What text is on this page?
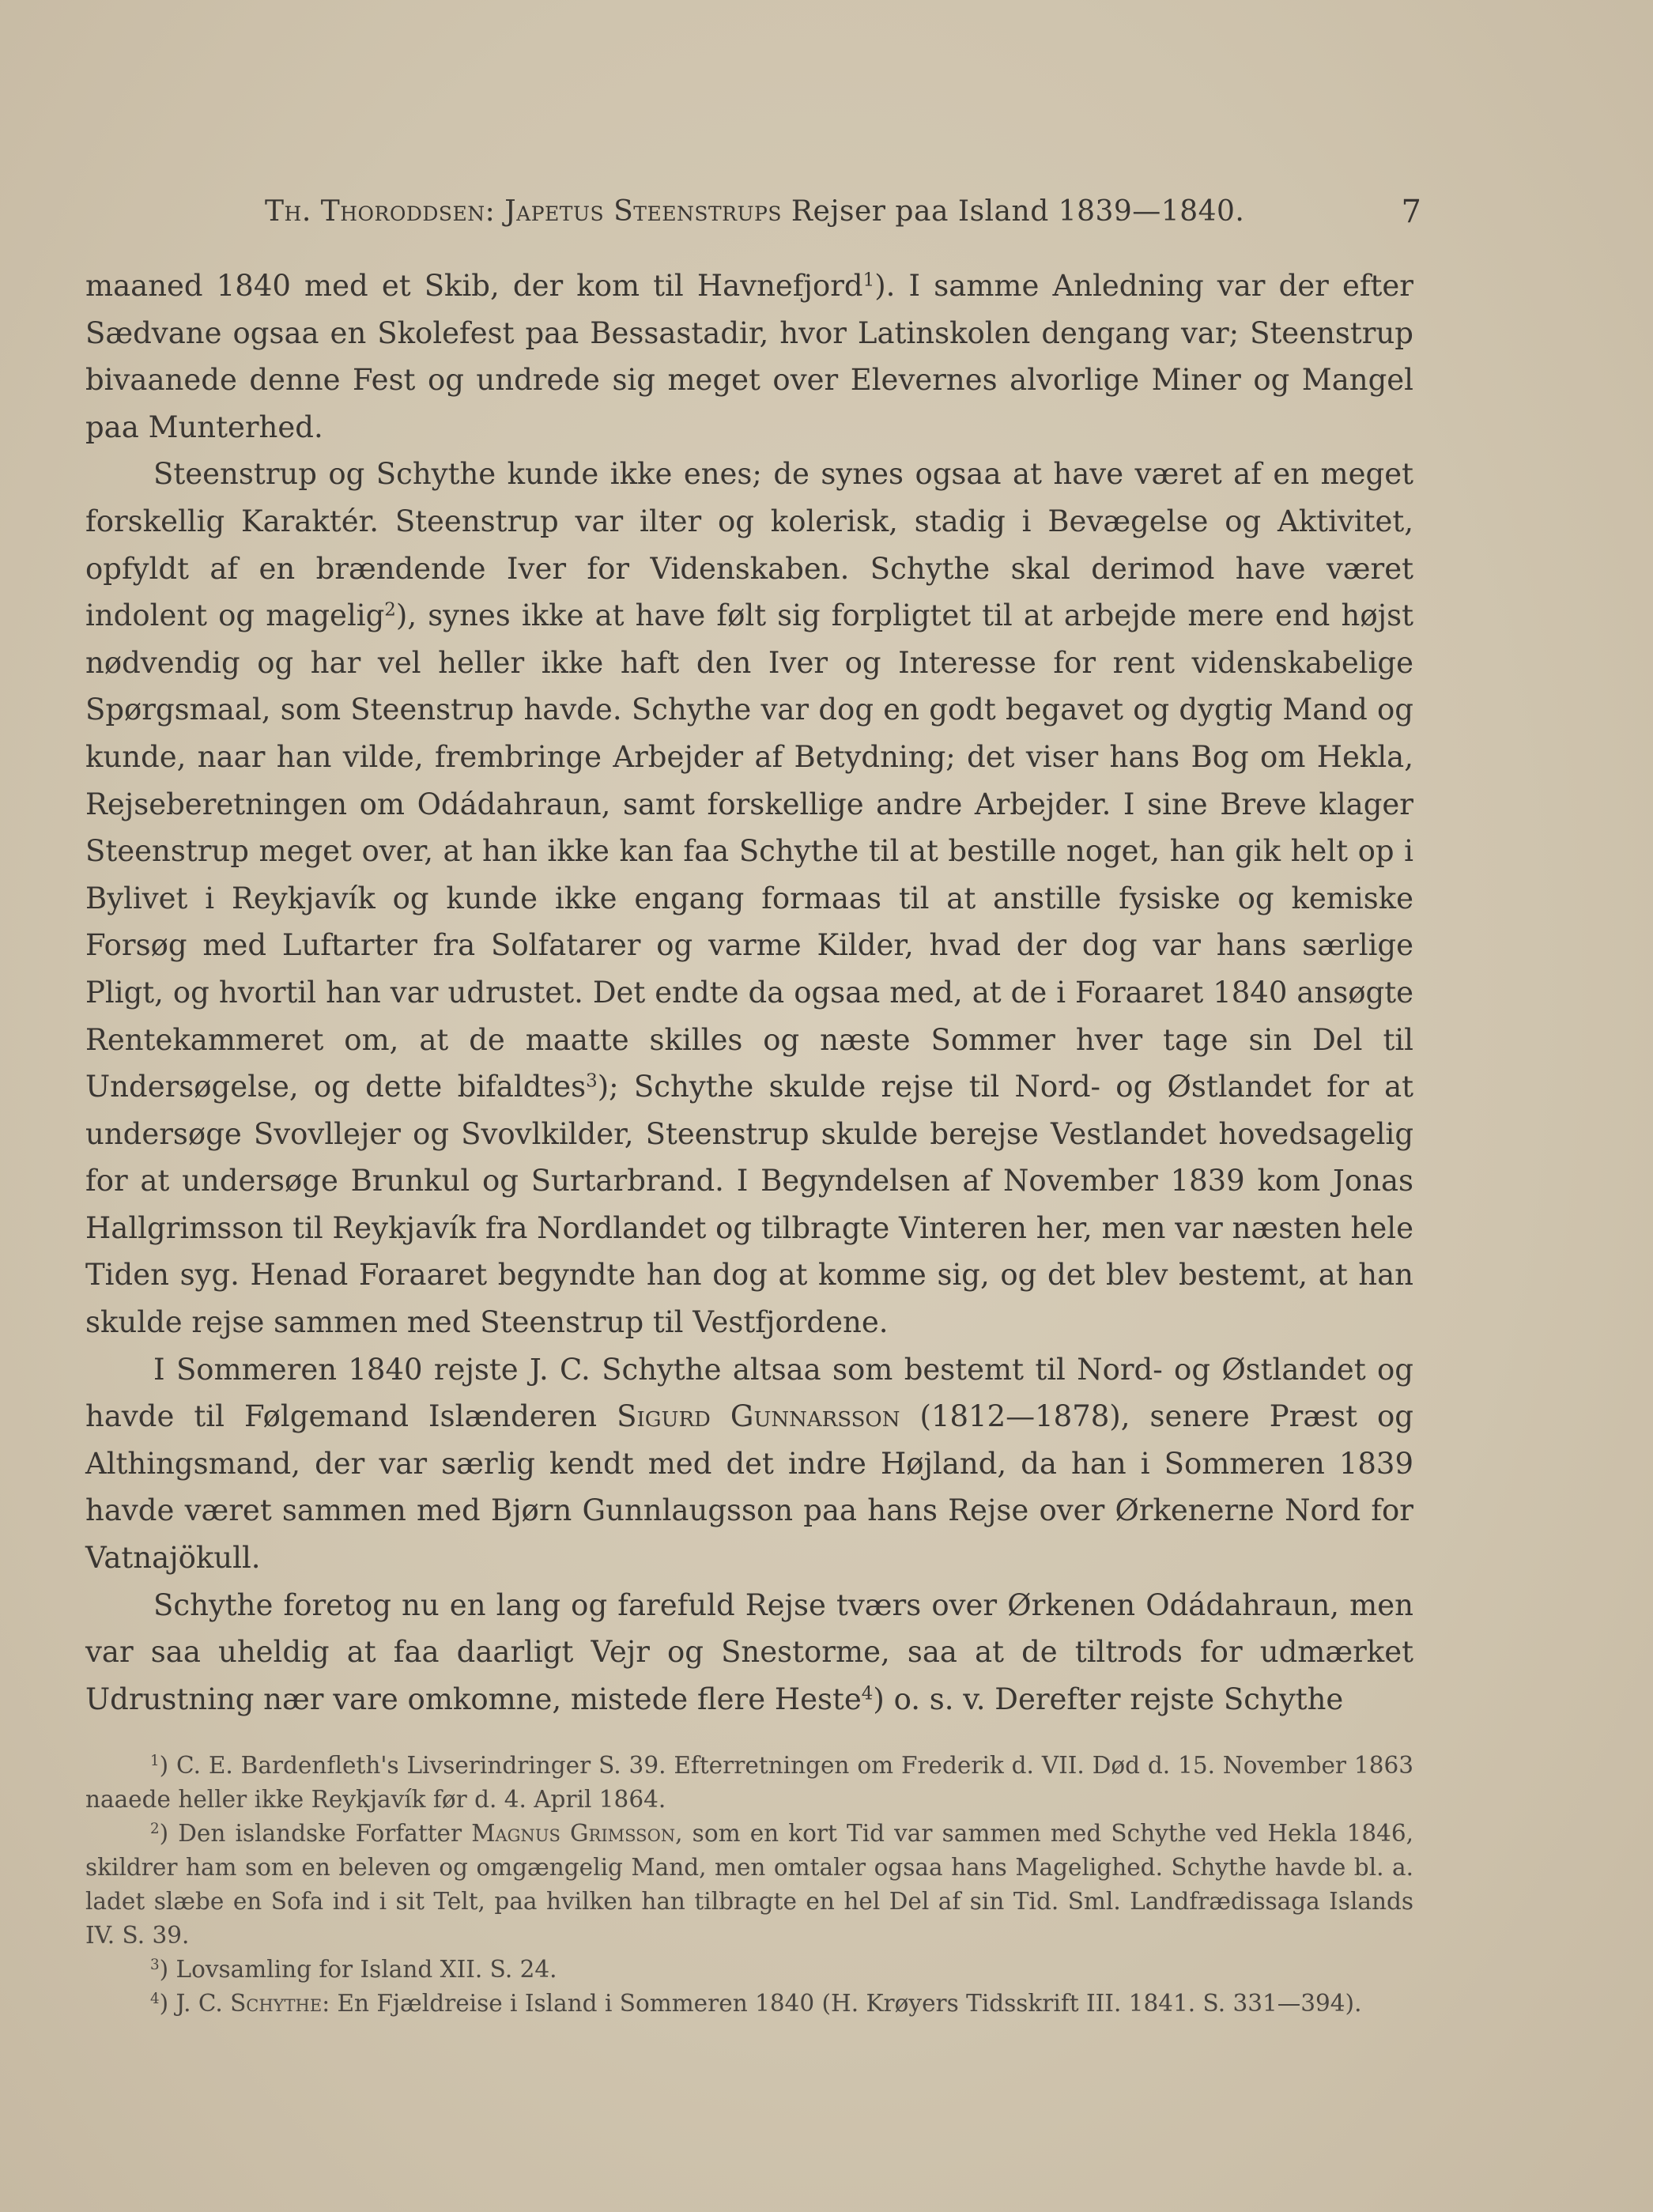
Th. Thoroddsen: Japetus Steenstrups Rejser paa Island 1839—1840.	7

maaned 1840 med et Skib, der kom til Havnefjord$^1$). I samme Anledning var der efter Sædvane ogsaa en Skolefest paa Bessastadir, hvor Latinskolen dengang var; Steenstrup bivaanede denne Fest og undrede sig meget over Elevernes alvorlige Miner og Mangel paa Munterhed.

Steenstrup og Schythe kunde ikke enes; de synes ogsaa at have været af en meget forskellig Karaktér. Steenstrup var ilter og kolerisk, stadig i Bevægelse og Aktivitet, opfyldt af en brændende Iver for Videnskaben. Schythe skal derimod have været indolent og magelig$^2$), synes ikke at have følt sig forpligtet til at arbejde mere end højst nødvendig og har vel heller ikke haft den Iver og Interesse for rent videnskabelige Spørgsmaal, som Steenstrup havde. Schythe var dog en godt begavet og dygtig Mand og kunde, naar han vilde, frembringe Arbejder af Betydning; det viser hans Bog om Hekla, Rejseberetningen om Odádahraun, samt forskellige andre Arbejder. I sine Breve klager Steenstrup meget over, at han ikke kan faa Schythe til at bestille noget, han gik helt op i Bylivet i Reykjavík og kunde ikke engang formaas til at anstille fysiske og kemiske Forsøg med Luftarter fra Solfatarer og varme Kilder, hvad der dog var hans særlige Pligt, og hvortil han var udrustet. Det endte da ogsaa med, at de i Foraaret 1840 ansøgte Rentekammeret om, at de maatte skilles og næste Sommer hver tage sin Del til Undersøgelse, og dette bifaldtes$^3$); Schythe skulde rejse til Nord- og Østlandet for at undersøge Svovllejer og Svovlkilder, Steenstrup skulde berejse Vestlandet hovedsagelig for at undersøge Brunkul og Surtarbrand. I Begyndelsen af November 1839 kom Jonas Hallgrimsson til Reykjavík fra Nordlandet og tilbragte Vinteren her, men var næsten hele Tiden syg. Henad Foraaret begyndte han dog at komme sig, og det blev bestemt, at han skulde rejse sammen med Steenstrup til Vestfjordene.

I Sommeren 1840 rejste J. C. Schythe altsaa som bestemt til Nord- og Østlandet og havde til Følgemand Islænderen Sigurd Gunnarsson (1812—1878), senere Præst og Althingsmand, der var særlig kendt med det indre Højland, da han i Sommeren 1839 havde været sammen med Bjørn Gunnlaugsson paa hans Rejse over Ørkenerne Nord for Vatnajökull.

Schythe foretog nu en lang og farefuld Rejse tværs over Ørkenen Odádahraun, men var saa uheldig at faa daarligt Vejr og Snestorme, saa at de tiltrods for udmærket Udrustning nær vare omkomne, mistede flere Heste$^4$) o. s. v. Derefter rejste Schythe

$^1$) C. E. Bardenfleth's Livserindringer S. 39. Efterretningen om Frederik d. VII. Død d. 15. November 1863 naaede heller ikke Reykjavík før d. 4. April 1864.

$^2$) Den islandske Forfatter Magnus Grimsson, som en kort Tid var sammen med Schythe ved Hekla 1846, skildrer ham som en beleven og omgængelig Mand, men omtaler ogsaa hans Magelighed. Schythe havde bl. a. ladet slæbe en Sofa ind i sit Telt, paa hvilken han tilbragte en hel Del af sin Tid. Sml. Landfrædissaga Islands IV. S. 39.

$^3$) Lovsamling for Island XII. S. 24.

$^4$) J. C. Schythe: En Fjældreise i Island i Sommeren 1840 (H. Krøyers Tidsskrift III. 1841. S. 331—394).
